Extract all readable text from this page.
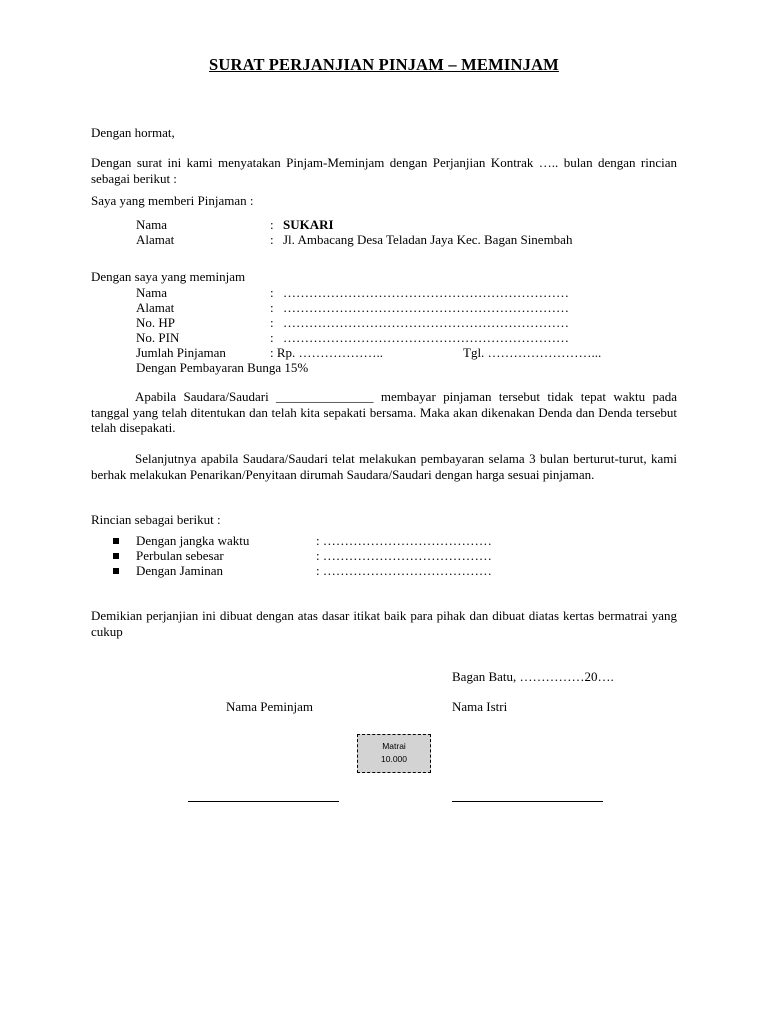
SURAT PERJANJIAN PINJAM – MEMINJAM
Dengan hormat,
Dengan surat ini kami menyatakan Pinjam-Meminjam dengan Perjanjian Kontrak ….. bulan dengan rincian sebagai berikut :
Saya yang memberi Pinjaman :
Nama	: SUKARI
Alamat	: Jl. Ambacang Desa Teladan Jaya Kec. Bagan Sinembah
Dengan saya yang meminjam
Nama	: …………………………………………………………
Alamat	: …………………………………………………………
No. HP	: …………………………………………………………
No. PIN	: …………………………………………………………
Jumlah Pinjaman	: Rp. ………………..	Tgl. ……………………...
Dengan Pembayaran Bunga 15%
Apabila Saudara/Saudari _______________ membayar pinjaman tersebut tidak tepat waktu pada tanggal yang telah ditentukan dan telah kita sepakati bersama. Maka akan dikenakan Denda dan Denda tersebut telah disepakati.
Selanjutnya apabila Saudara/Saudari telat melakukan pembayaran selama 3 bulan berturut-turut, kami berhak melakukan Penarikan/Penyitaan dirumah Saudara/Saudari dengan harga sesuai pinjaman.
Rincian sebagai berikut :
Dengan jangka waktu	: …………………………………
Perbulan sebesar	: …………………………………
Dengan Jaminan	: …………………………………
Demikian perjanjian ini dibuat dengan atas dasar itikat baik para pihak dan dibuat diatas kertas bermatrai yang cukup
Bagan Batu, ……………20….
Nama Peminjam	Nama Istri
Matrai
10.000
